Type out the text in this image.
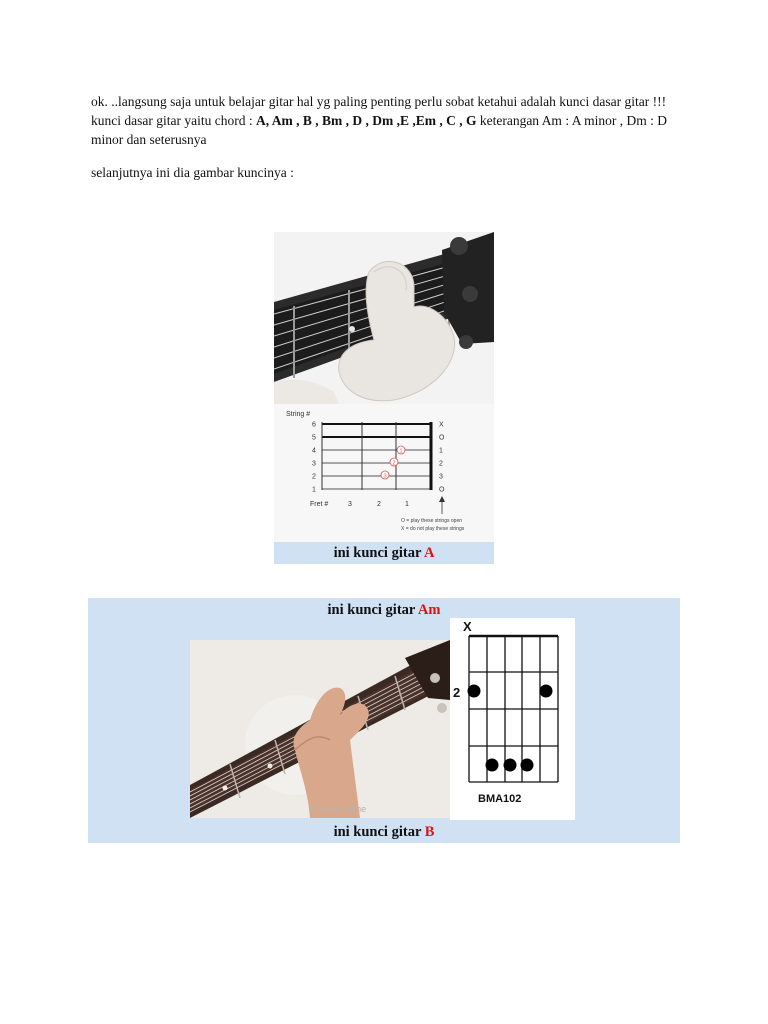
ok. ..langsung saja untuk belajar gitar hal yg paling penting perlu sobat ketahui adalah kunci dasar gitar !!! kunci dasar gitar yaitu chord : A, Am , B , Bm , D , Dm ,E ,Em , C , G keterangan Am : A minor , Dm : D minor dan seterusnya
selanjutnya ini dia gambar kuncinya :
String #
6	X
5	O
4	1
3	2
2	3
1	O
Fret #	3	2	1
1
2
3
O = play these strings open
X = do not play these strings
ini kunci gitar A
ini kunci gitar Am
© dreamstime
X
2
BMA102
ini kunci gitar B
